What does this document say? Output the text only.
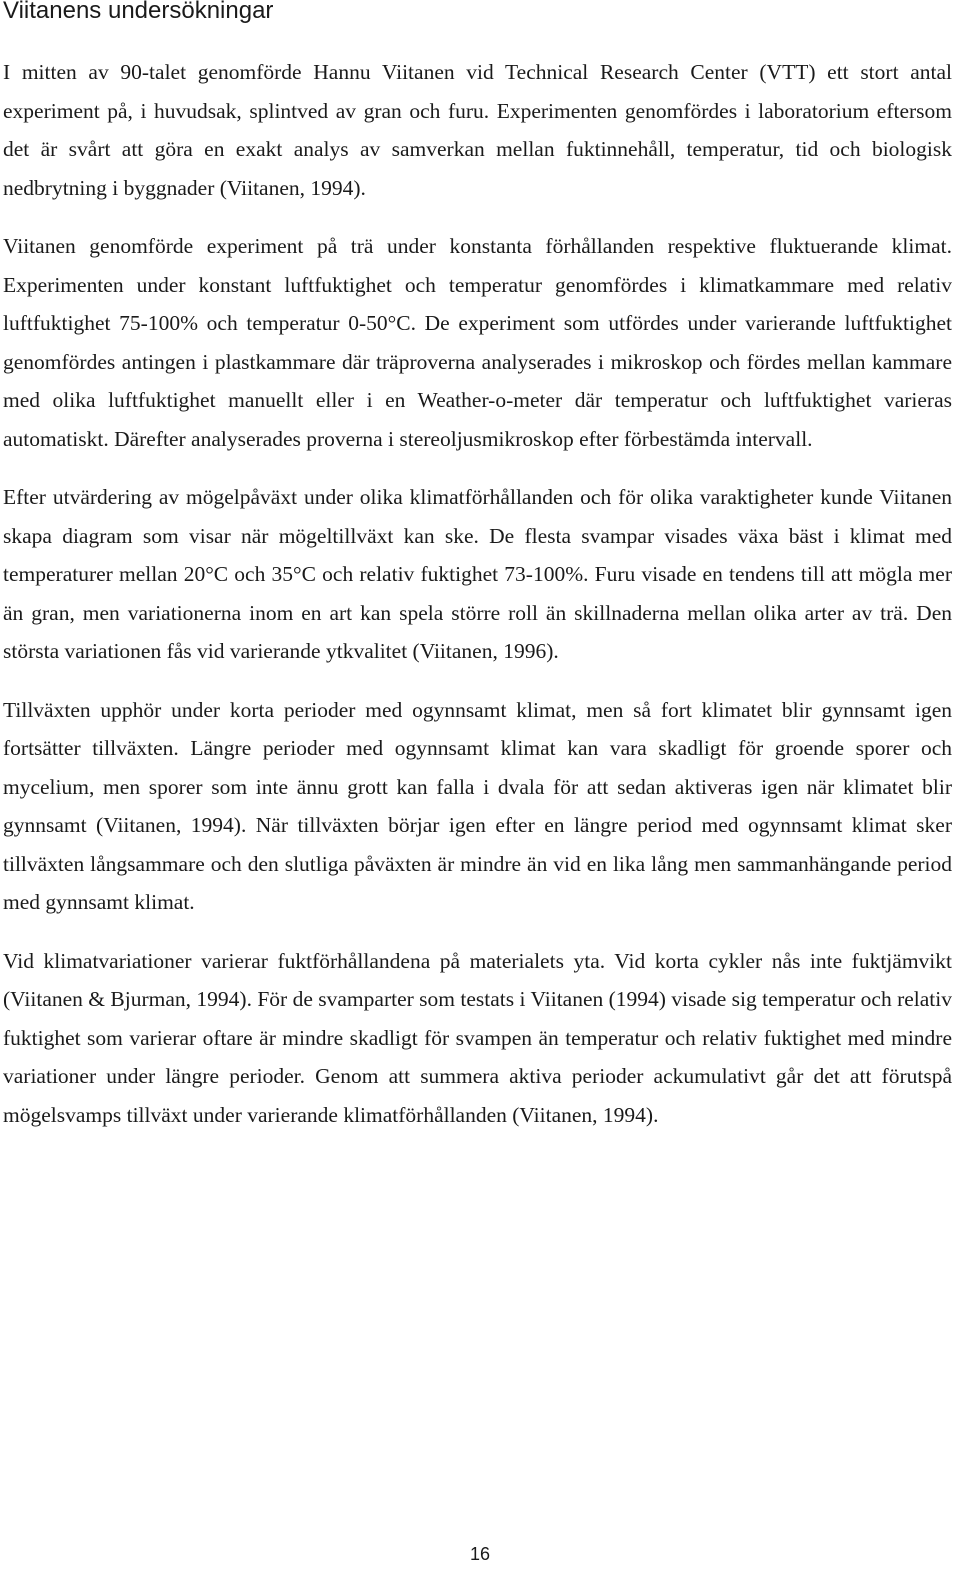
Viitanens undersökningar

I mitten av 90-talet genomförde Hannu Viitanen vid Technical Research Center (VTT) ett stort antal experiment på, i huvudsak, splintved av gran och furu. Experimenten genomfördes i laboratorium eftersom det är svårt att göra en exakt analys av samverkan mellan fuktinnehåll, temperatur, tid och biologisk nedbrytning i byggnader (Viitanen, 1994).

Viitanen genomförde experiment på trä under konstanta förhållanden respektive fluktuerande klimat. Experimenten under konstant luftfuktighet och temperatur genomfördes i klimatkammare med relativ luftfuktighet 75-100% och temperatur 0-50°C. De experiment som utfördes under varierande luftfuktighet genomfördes antingen i plastkammare där träproverna analyserades i mikroskop och fördes mellan kammare med olika luftfuktighet manuellt eller i en Weather-o-meter där temperatur och luftfuktighet varieras automatiskt. Därefter analyserades proverna i stereoljusmikroskop efter förbestämda intervall.

Efter utvärdering av mögelpåväxt under olika klimatförhållanden och för olika varaktigheter kunde Viitanen skapa diagram som visar när mögeltillväxt kan ske. De flesta svampar visades växa bäst i klimat med temperaturer mellan 20°C och 35°C och relativ fuktighet 73-100%. Furu visade en tendens till att mögla mer än gran, men variationerna inom en art kan spela större roll än skillnaderna mellan olika arter av trä. Den största variationen fås vid varierande ytkvalitet (Viitanen, 1996).

Tillväxten upphör under korta perioder med ogynnsamt klimat, men så fort klimatet blir gynnsamt igen fortsätter tillväxten. Längre perioder med ogynnsamt klimat kan vara skadligt för groende sporer och mycelium, men sporer som inte ännu grott kan falla i dvala för att sedan aktiveras igen när klimatet blir gynnsamt (Viitanen, 1994). När tillväxten börjar igen efter en längre period med ogynnsamt klimat sker tillväxten långsammare och den slutliga påväxten är mindre än vid en lika lång men sammanhängande period med gynnsamt klimat.

Vid klimatvariationer varierar fuktförhållandena på materialets yta. Vid korta cykler nås inte fuktjämvikt (Viitanen & Bjurman, 1994). För de svamparter som testats i Viitanen (1994) visade sig temperatur och relativ fuktighet som varierar oftare är mindre skadligt för svampen än temperatur och relativ fuktighet med mindre variationer under längre perioder. Genom att summera aktiva perioder ackumulativt går det att förutspå mögelsvamps tillväxt under varierande klimatförhållanden (Viitanen, 1994).

16
